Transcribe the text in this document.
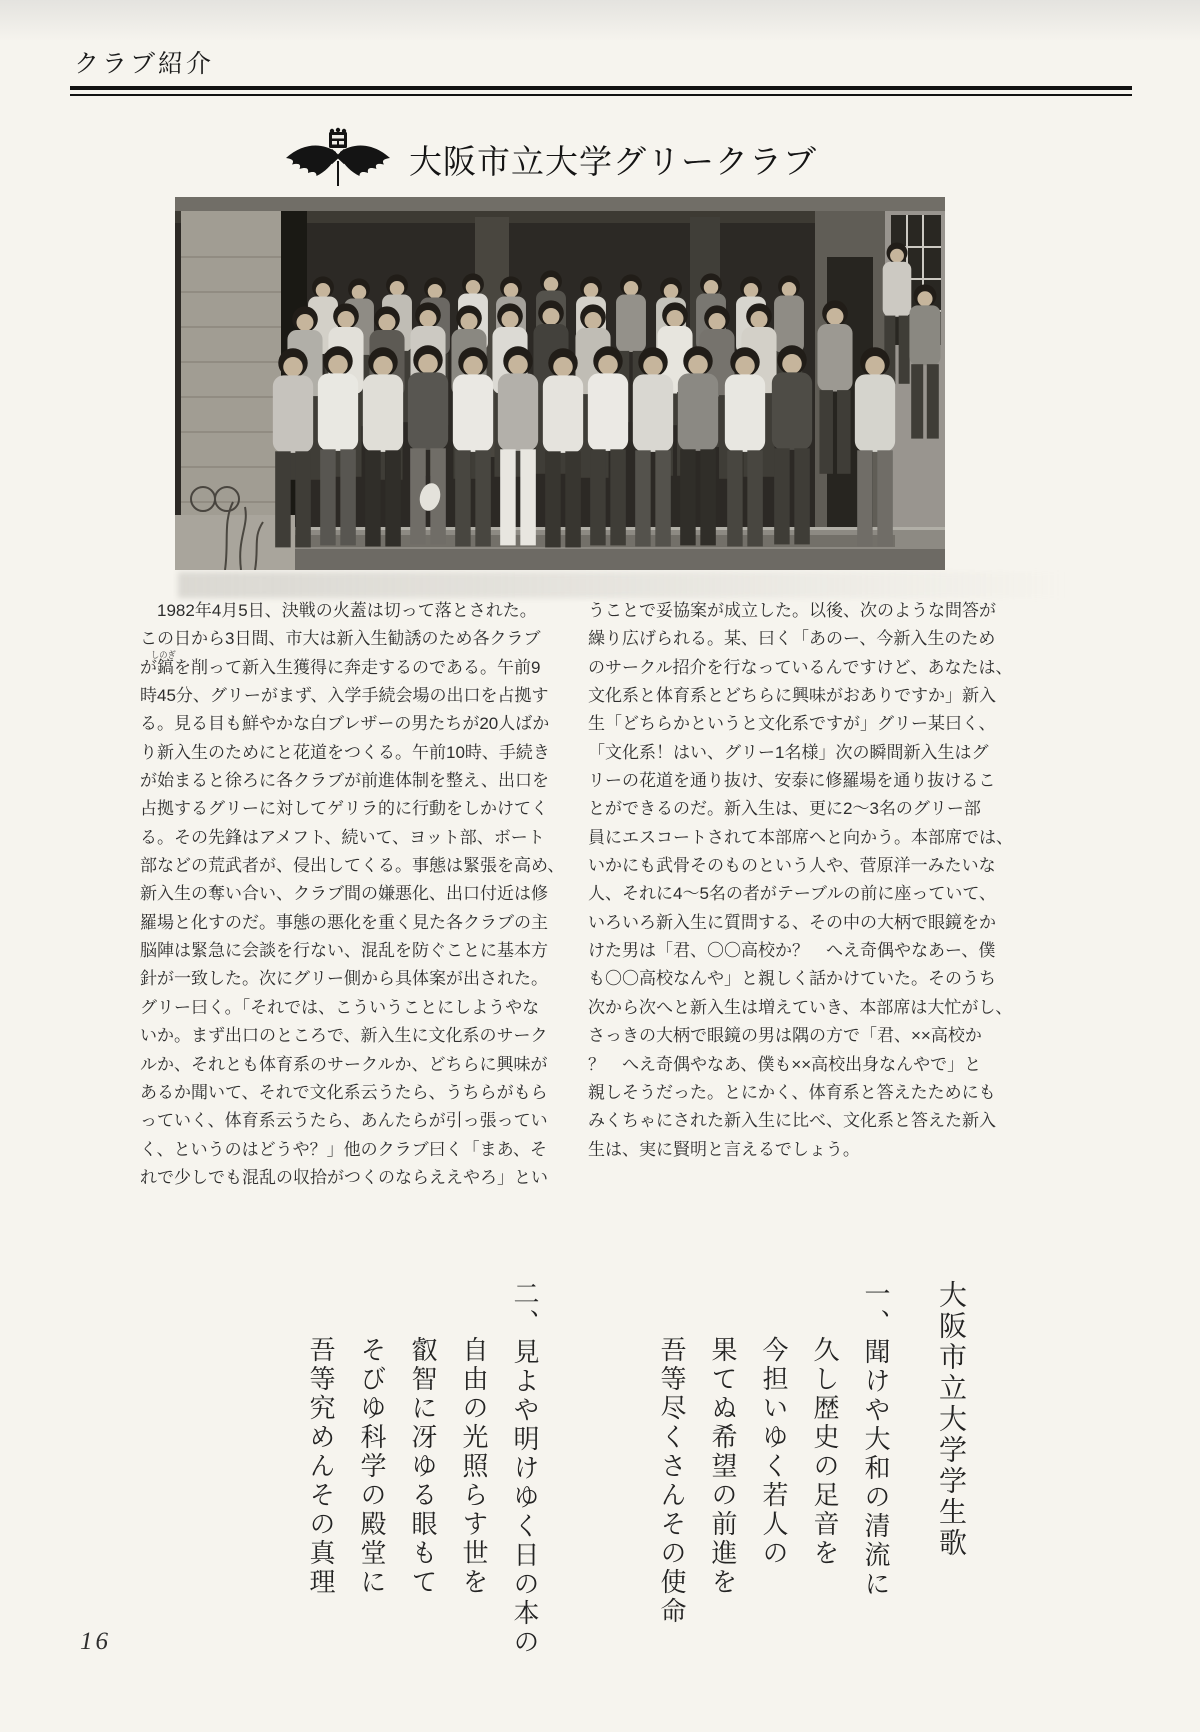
クラブ紹介
大阪市立大学グリークラブ
　1982年4月5日、決戦の火蓋は切って落とされた。
この日から3日間、市大は新入生勧誘のため各クラブ
が鎬を削って新入生獲得に奔走するのである。午前9
時45分、グリーがまず、入学手続会場の出口を占拠す
る。見る目も鮮やかな白ブレザーの男たちが20人ばか
り新入生のためにと花道をつくる。午前10時、手続き
が始まると徐ろに各クラブが前進体制を整え、出口を
占拠するグリーに対してゲリラ的に行動をしかけてく
る。その先鋒はアメフト、続いて、ヨット部、ボート
部などの荒武者が、侵出してくる。事態は緊張を高め、
新入生の奪い合い、クラブ間の嫌悪化、出口付近は修
羅場と化すのだ。事態の悪化を重く見た各クラブの主
脳陣は緊急に会談を行ない、混乱を防ぐことに基本方
針が一致した。次にグリー側から具体案が出された。
グリー曰く。「それでは、こういうことにしようやな
いか。まず出口のところで、新入生に文化系のサーク
ルか、それとも体育系のサークルか、どちらに興味が
あるか聞いて、それで文化系云うたら、うちらがもら
っていく、体育系云うたら、あんたらが引っ張ってい
く、というのはどうや？」他のクラブ曰く「まあ、そ
れで少しでも混乱の収拾がつくのならええやろ」とい
しのぎ
うことで妥協案が成立した。以後、次のような問答が
繰り広げられる。某、曰く「あのー、今新入生のため
のサークル招介を行なっているんですけど、あなたは、
文化系と体育系とどちらに興味がおありですか」新入
生「どちらかというと文化系ですが」グリー某曰く、
「文化系！はい、グリー1名様」次の瞬間新入生はグ
リーの花道を通り抜け、安泰に修羅場を通り抜けるこ
とができるのだ。新入生は、更に2～3名のグリー部
員にエスコートされて本部席へと向かう。本部席では、
いかにも武骨そのものという人や、菅原洋一みたいな
人、それに4～5名の者がテーブルの前に座っていて、
いろいろ新入生に質問する、その中の大柄で眼鏡をか
けた男は「君、〇〇高校か？　へえ奇偶やなあー、僕
も〇〇高校なんや」と親しく話かけていた。そのうち
次から次へと新入生は増えていき、本部席は大忙がし、
さっきの大柄で眼鏡の男は隅の方で「君、××高校か
？　へえ奇偶やなあ、僕も××高校出身なんやで」と
親しそうだった。とにかく、体育系と答えたためにも
みくちゃにされた新入生に比べ、文化系と答えた新入
生は、実に賢明と言えるでしょう。
大阪市立大学学生歌

一、聞けや大和の清流に

久し歴史の足音を

今担いゆく若人の

果てぬ希望の前進を

吾等尽くさんその使命

二、見よや明けゆく日の本の

自由の光照らす世を

叡智に冴ゆる眼もて

そびゆ科学の殿堂に

吾等究めんその真理

16
